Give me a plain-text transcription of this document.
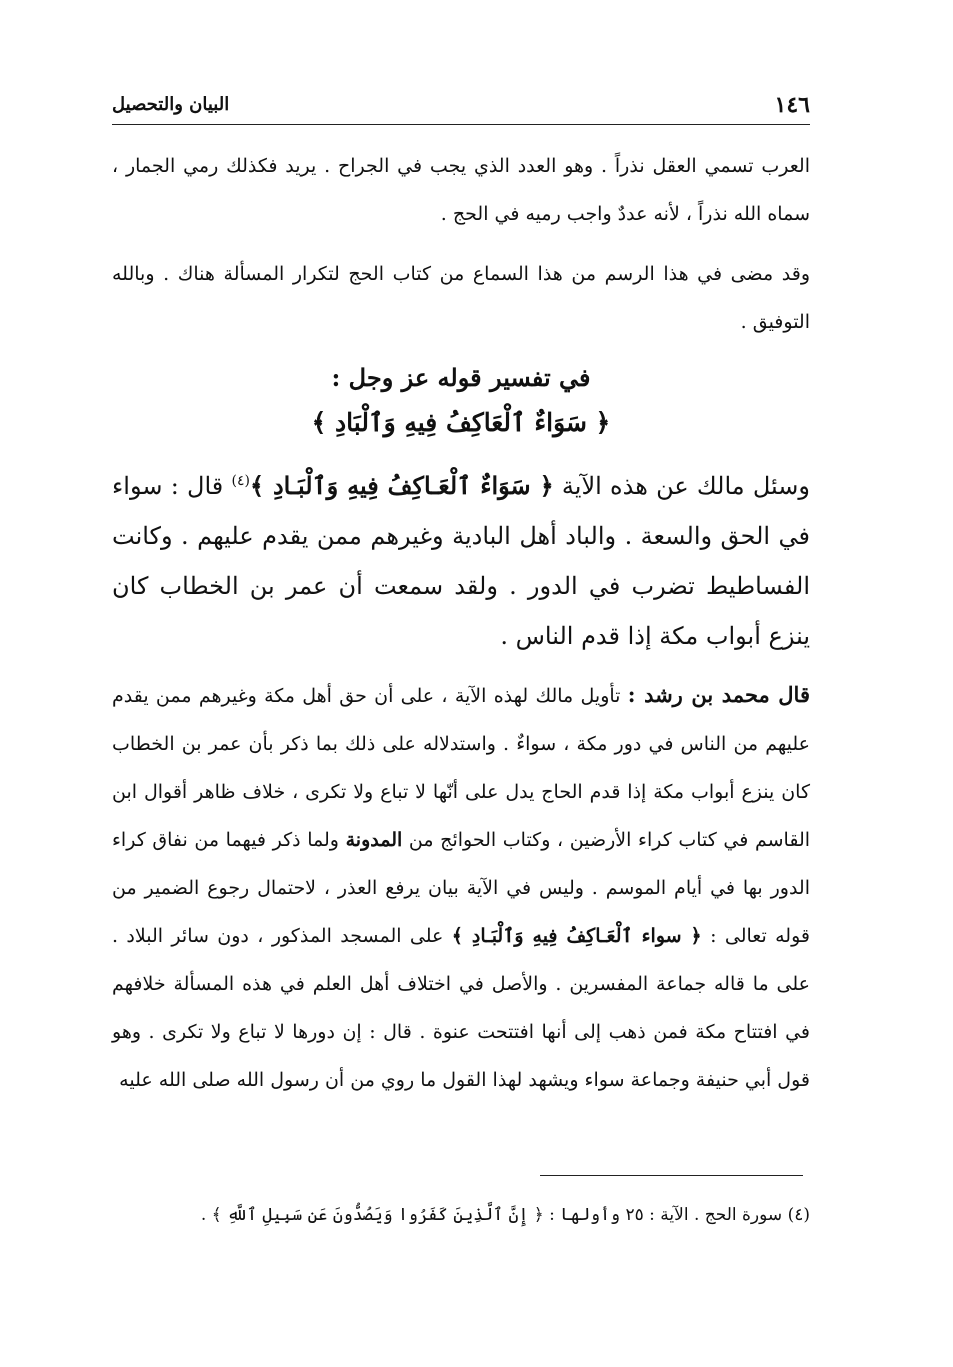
١٤٦
البيان والتحصيل

العرب تسمي العقل نذراً . وهو العدد الذي يجب في الجراح . يريد فكذلك رمي الجمار ، سماه الله نذراً ، لأنه عددٌ واجب رميه في الحج .

وقد مضى في هذا الرسم من هذا السماع من كتاب الحج لتكرار المسألة هناك . وبالله التوفيق .

في تفسير قوله عز وجل :

﴿ سَوَاءٌ ٱلْعَاكِفُ فِيهِ وَٱلْبَادِ ﴾

وسئل مالك عن هذه الآية ﴿ سَوَاءٌ ٱلْعَـاكِفُ فِيهِ وَٱلْبَـادِ ﴾$^{(٤)}$ قال : سواء في الحق والسعة . والباد أهل البادية وغيرهم ممن يقدم عليهم . وكانت الفساطيط تضرب في الدور . ولقد سمعت أن عمر بن الخطاب كان ينزع أبواب مكة إذا قدم الناس .

قال محمد بن رشد : تأويل مالك لهذه الآية ، على أن حق أهل مكة وغيرهم ممن يقدم عليهم من الناس في دور مكة ، سواءٌ . واستدلاله على ذلك بما ذكر بأن عمر بن الخطاب كان ينزع أبواب مكة إذا قدم الحاج يدل على أنّها لا تباع ولا تكرى ، خلاف ظاهر أقوال ابن القاسم في كتاب كراء الأرضين ، وكتاب الحوائج من المدونة ولما ذكر فيهما من نفاق كراء الدور بها في أيام الموسم . وليس في الآية بيان يرفع العذر ، لاحتمال رجوع الضمير من قوله تعالى : ﴿ سواء ٱلْعَـاكِفُ فِيهِ وَٱلْبَـادِ ﴾ على المسجد المذكور ، دون سائر البلاد . على ما قاله جماعة المفسرين . والأصل في اختلاف أهل العلم في هذه المسألة خلافهم في افتتاح مكة فمن ذهب إلى أنها افتتحت عنوة . قال : إن دورها لا تباع ولا تكرى . وهو قول أبي حنيفة وجماعة سواء ويشهد لهذا القول ما روي من أن رسول الله صلى الله عليه

(٤) سورة الحج . الآية : ٢٥ وأولها : ﴿ إِنَّ ٱلَّذِينَ كَفَرُوا وَيَصُدُّونَ عَن سَبِيلِ ٱللَّهِ ﴾ .
